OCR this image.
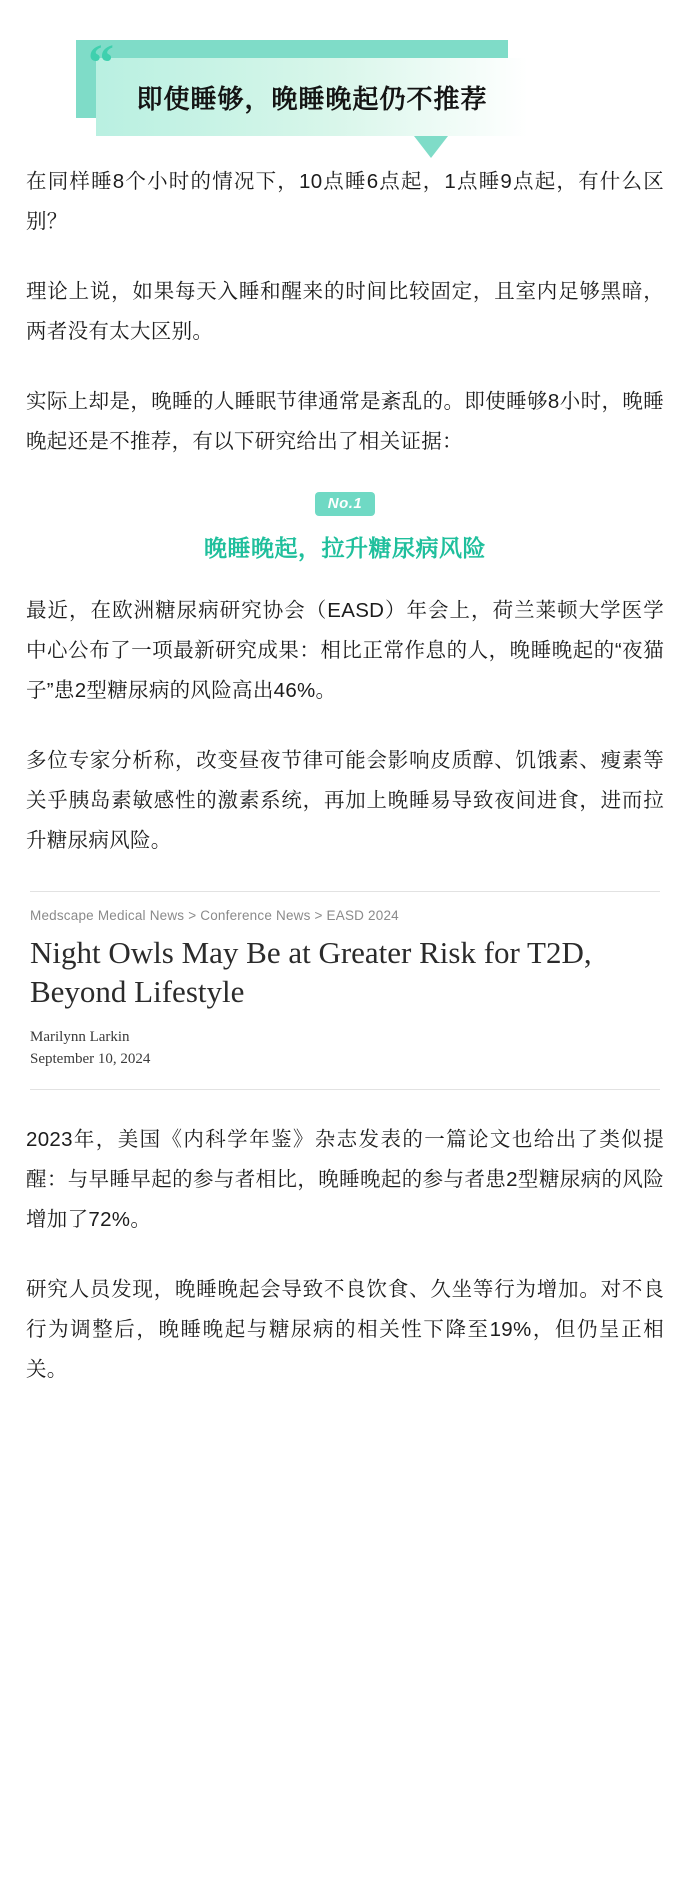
即使睡够，晚睡晚起仍不推荐
“

在同样睡8个小时的情况下，10点睡6点起，1点睡9点起，有什么区别？

理论上说，如果每天入睡和醒来的时间比较固定，且室内足够黑暗，两者没有太大区别。

实际上却是，晚睡的人睡眠节律通常是紊乱的。即使睡够8小时，晚睡晚起还是不推荐，有以下研究给出了相关证据：

No.1
晚睡晚起，拉升糖尿病风险

最近，在欧洲糖尿病研究协会（EASD）年会上，荷兰莱顿大学医学中心公布了一项最新研究成果：相比正常作息的人，晚睡晚起的“夜猫子”患2型糖尿病的风险高出46%。

多位专家分析称，改变昼夜节律可能会影响皮质醇、饥饿素、瘦素等关乎胰岛素敏感性的激素系统，再加上晚睡易导致夜间进食，进而拉升糖尿病风险。

Medscape Medical News > Conference News > EASD 2024
Night Owls May Be at Greater Risk for T2D, Beyond Lifestyle
Marilynn Larkin
September 10, 2024

2023年，美国《内科学年鉴》杂志发表的一篇论文也给出了类似提醒：与早睡早起的参与者相比，晚睡晚起的参与者患2型糖尿病的风险增加了72%。

研究人员发现，晚睡晚起会导致不良饮食、久坐等行为增加。对不良行为调整后，晚睡晚起与糖尿病的相关性下降至19%，但仍呈正相关。
